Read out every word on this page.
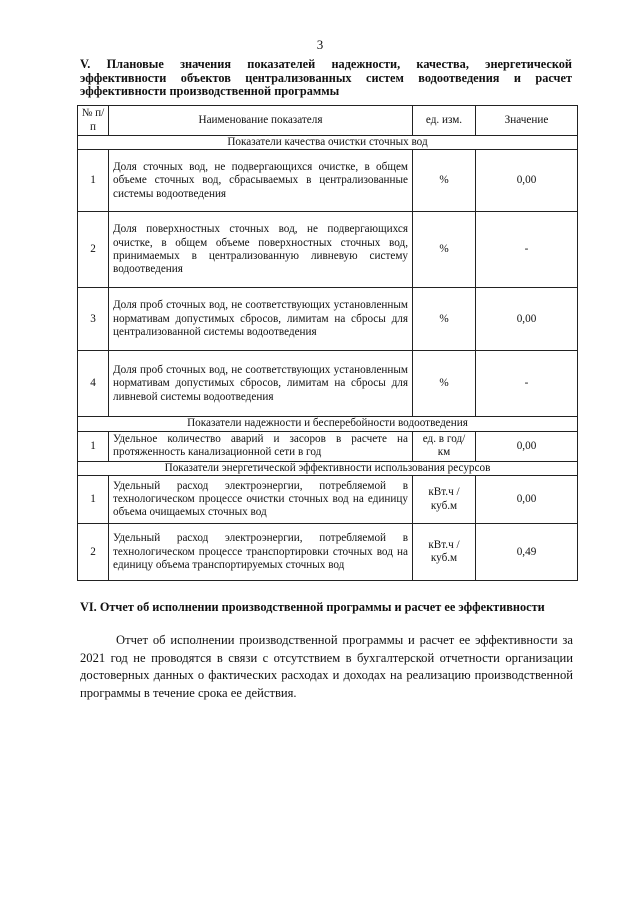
3
V. Плановые значения показателей надежности, качества, энергетической эффективности объектов централизованных систем водоотведения и расчет эффективности производственной программы
№ п/п	Наименование показателя	ед. изм.	Значение
Показатели качества очистки сточных вод			
1	Доля сточных вод, не подвергающихся очистке, в общем объеме сточных вод, сбрасываемых в централизованные системы водоотведения	%	0,00
2	Доля поверхностных сточных вод, не подвергающихся очистке, в общем объеме поверхностных сточных вод, принимаемых в централизованную ливневую систему водоотведения	%	-
3	Доля проб сточных вод, не соответствующих установленным нормативам допустимых сбросов, лимитам на сбросы для централизованной системы водоотведения	%	0,00
4	Доля проб сточных вод, не соответствующих установленным нормативам допустимых сбросов, лимитам на сбросы для ливневой системы водоотведения	%	-
Показатели надежности и бесперебойности водоотведения			
1	Удельное количество аварий и засоров в расчете на протяженность канализационной сети в год	ед. в год/ км	0,00
Показатели энергетической эффективности использования ресурсов			
1	Удельный расход электроэнергии, потребляемой в технологическом процессе очистки сточных вод на единицу объема очищаемых сточных вод	кВт.ч / куб.м	0,00
2	Удельный расход электроэнергии, потребляемой в технологическом процессе транспортировки сточных вод на единицу объема транспортируемых сточных вод	кВт.ч / куб.м	0,49
VI. Отчет об исполнении производственной программы и расчет ее эффективности

Отчет об исполнении производственной программы и расчет ее эффективности за 2021 год не проводятся в связи с отсутствием в бухгалтерской отчетности организации достоверных данных о фактических расходах и доходах на реализацию производственной программы в течение срока ее действия.
